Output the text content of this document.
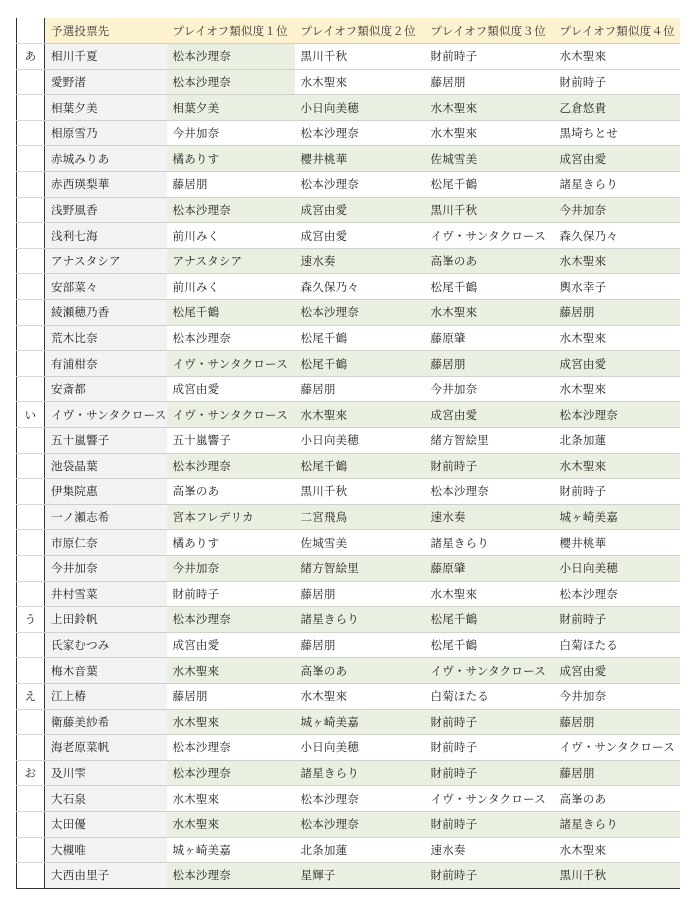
	予選投票先	プレイオフ類似度１位	プレイオフ類似度２位	プレイオフ類似度３位	プレイオフ類似度４位
あ	相川千夏	松本沙理奈	黒川千秋	財前時子	水木聖來
	愛野渚	松本沙理奈	水木聖來	藤居朋	財前時子
	相葉夕美	相葉夕美	小日向美穂	水木聖來	乙倉悠貴
	相原雪乃	今井加奈	松本沙理奈	水木聖來	黒埼ちとせ
	赤城みりあ	橘ありす	櫻井桃華	佐城雪美	成宮由愛
	赤西瑛梨華	藤居朋	松本沙理奈	松尾千鶴	諸星きらり
	浅野風香	松本沙理奈	成宮由愛	黒川千秋	今井加奈
	浅利七海	前川みく	成宮由愛	イヴ・サンタクロース	森久保乃々
	アナスタシア	アナスタシア	速水奏	高峯のあ	水木聖來
	安部菜々	前川みく	森久保乃々	松尾千鶴	輿水幸子
	綾瀬穂乃香	松尾千鶴	松本沙理奈	水木聖來	藤居朋
	荒木比奈	松本沙理奈	松尾千鶴	藤原肇	水木聖來
	有浦柑奈	イヴ・サンタクロース	松尾千鶴	藤居朋	成宮由愛
	安斎都	成宮由愛	藤居朋	今井加奈	水木聖來
い	イヴ・サンタクロース	イヴ・サンタクロース	水木聖來	成宮由愛	松本沙理奈
	五十嵐響子	五十嵐響子	小日向美穂	緒方智絵里	北条加蓮
	池袋晶葉	松本沙理奈	松尾千鶴	財前時子	水木聖來
	伊集院惠	高峯のあ	黒川千秋	松本沙理奈	財前時子
	一ノ瀬志希	宮本フレデリカ	二宮飛鳥	速水奏	城ヶ崎美嘉
	市原仁奈	橘ありす	佐城雪美	諸星きらり	櫻井桃華
	今井加奈	今井加奈	緒方智絵里	藤原肇	小日向美穂
	井村雪菜	財前時子	藤居朋	水木聖來	松本沙理奈
う	上田鈴帆	松本沙理奈	諸星きらり	松尾千鶴	財前時子
	氏家むつみ	成宮由愛	藤居朋	松尾千鶴	白菊ほたる
	梅木音葉	水木聖來	高峯のあ	イヴ・サンタクロース	成宮由愛
え	江上椿	藤居朋	水木聖來	白菊ほたる	今井加奈
	衛藤美紗希	水木聖來	城ヶ崎美嘉	財前時子	藤居朋
	海老原菜帆	松本沙理奈	小日向美穂	財前時子	イヴ・サンタクロース
お	及川雫	松本沙理奈	諸星きらり	財前時子	藤居朋
	大石泉	水木聖來	松本沙理奈	イヴ・サンタクロース	高峯のあ
	太田優	水木聖來	松本沙理奈	財前時子	諸星きらり
	大槻唯	城ヶ崎美嘉	北条加蓮	速水奏	水木聖來
	大西由里子	松本沙理奈	星輝子	財前時子	黒川千秋
